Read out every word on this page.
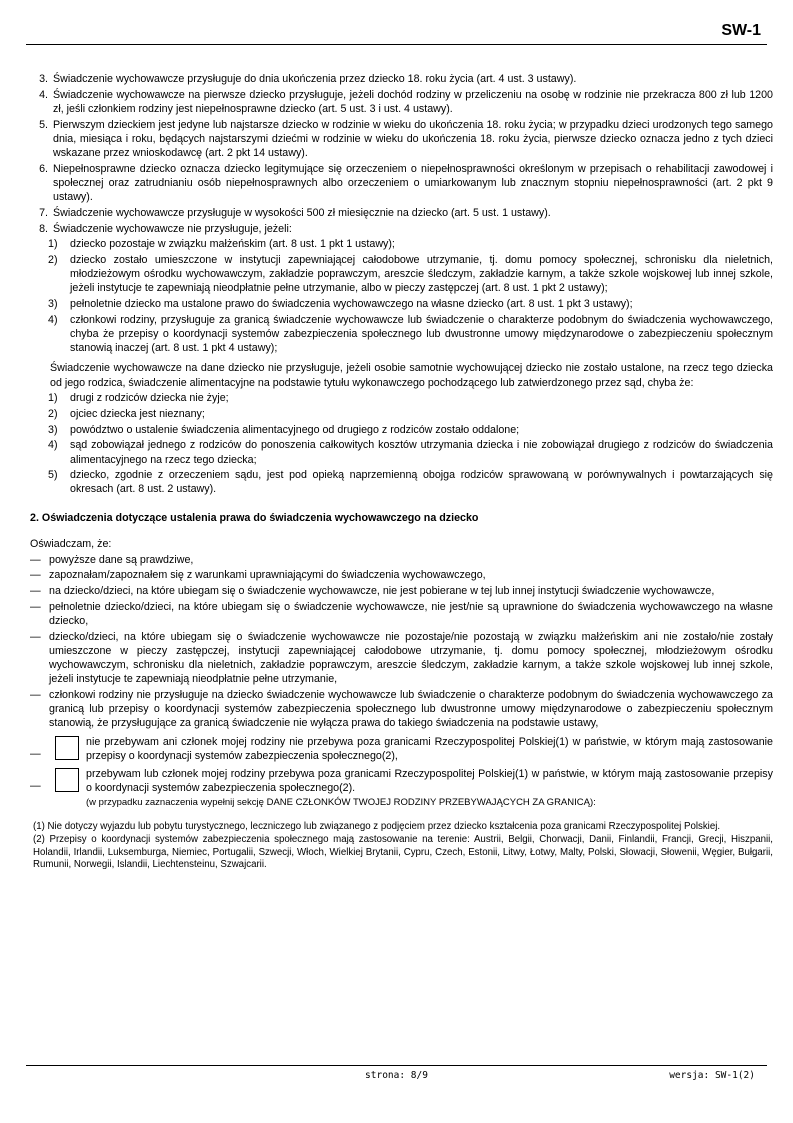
SW-1
3. Świadczenie wychowawcze przysługuje do dnia ukończenia przez dziecko 18. roku życia (art. 4 ust. 3 ustawy).
4. Świadczenie wychowawcze na pierwsze dziecko przysługuje, jeżeli dochód rodziny w przeliczeniu na osobę w rodzinie nie przekracza 800 zł lub 1200 zł, jeśli członkiem rodziny jest niepełnosprawne dziecko (art. 5 ust. 3 i ust. 4 ustawy).
5. Pierwszym dzieckiem jest jedyne lub najstarsze dziecko w rodzinie w wieku do ukończenia 18. roku życia; w przypadku dzieci urodzonych tego samego dnia, miesiąca i roku, będących najstarszymi dziećmi w rodzinie w wieku do ukończenia 18. roku życia, pierwsze dziecko oznacza jedno z tych dzieci wskazane przez wnioskodawcę (art. 2 pkt 14 ustawy).
6. Niepełnosprawne dziecko oznacza dziecko legitymujące się orzeczeniem o niepełnosprawności określonym w przepisach o rehabilitacji zawodowej i społecznej oraz zatrudnianiu osób niepełnosprawnych albo orzeczeniem o umiarkowanym lub znacznym stopniu niepełnosprawności (art. 2 pkt 9 ustawy).
7. Świadczenie wychowawcze przysługuje w wysokości 500 zł miesięcznie na dziecko (art. 5 ust. 1 ustawy).
8. Świadczenie wychowawcze nie przysługuje, jeżeli:
1)	dziecko pozostaje w związku małżeńskim (art. 8 ust. 1 pkt 1 ustawy);
2)	dziecko zostało umieszczone w instytucji zapewniającej całodobowe utrzymanie, tj. domu pomocy społecznej, schronisku dla nieletnich, młodzieżowym ośrodku wychowawczym, zakładzie poprawczym, areszcie śledczym, zakładzie karnym, a także szkole wojskowej lub innej szkole, jeżeli instytucje te zapewniają nieodpłatnie pełne utrzymanie, albo w pieczy zastępczej (art. 8 ust. 1 pkt 2 ustawy);
3)	pełnoletnie dziecko ma ustalone prawo do świadczenia wychowawczego na własne dziecko (art. 8 ust. 1 pkt 3 ustawy);
4)	członkowi rodziny, przysługuje za granicą świadczenie wychowawcze lub świadczenie o charakterze podobnym do świadczenia wychowawczego, chyba że przepisy o koordynacji systemów zabezpieczenia społecznego lub dwustronne umowy międzynarodowe o zabezpieczeniu społecznym stanowią inaczej (art. 8 ust. 1 pkt 4 ustawy);
Świadczenie wychowawcze na dane dziecko nie przysługuje, jeżeli osobie samotnie wychowującej dziecko nie zostało ustalone, na rzecz tego dziecka od jego rodzica, świadczenie alimentacyjne na podstawie tytułu wykonawczego pochodzącego lub zatwierdzonego przez sąd, chyba że:
1)	drugi z rodziców dziecka nie żyje;
2)	ojciec dziecka jest nieznany;
3)	powództwo o ustalenie świadczenia alimentacyjnego od drugiego z rodziców zostało oddalone;
4)	sąd zobowiązał jednego z rodziców do ponoszenia całkowitych kosztów utrzymania dziecka i nie zobowiązał drugiego z rodziców do świadczenia alimentacyjnego na rzecz tego dziecka;
5)	dziecko, zgodnie z orzeczeniem sądu, jest pod opieką naprzemienną obojga rodziców sprawowaną w porównywalnych i powtarzających się okresach (art. 8 ust. 2 ustawy).
2. Oświadczenia dotyczące ustalenia prawa do świadczenia wychowawczego na dziecko
Oświadczam, że:
— powyższe dane są prawdziwe,
— zapoznałam/zapoznałem się z warunkami uprawniającymi do świadczenia wychowawczego,
— na dziecko/dzieci, na które ubiegam się o świadczenie wychowawcze, nie jest pobierane w tej lub innej instytucji świadczenie wychowawcze,
— pełnoletnie dziecko/dzieci, na które ubiegam się o świadczenie wychowawcze, nie jest/nie są uprawnione do świadczenia wychowawczego na własne dziecko,
— dziecko/dzieci, na które ubiegam się o świadczenie wychowawcze nie pozostaje/nie pozostają w związku małżeńskim ani nie zostało/nie zostały umieszczone w pieczy zastępczej, instytucji zapewniającej całodobowe utrzymanie, tj. domu pomocy społecznej, młodzieżowym ośrodku wychowawczym, schronisku dla nieletnich, zakładzie poprawczym, areszcie śledczym, zakładzie karnym, a także szkole wojskowej lub innej szkole, jeżeli instytucje te zapewniają nieodpłatnie pełne utrzymanie,
— członkowi rodziny nie przysługuje na dziecko świadczenie wychowawcze lub świadczenie o charakterze podobnym do świadczenia wychowawczego za granicą lub przepisy o koordynacji systemów zabezpieczenia społecznego lub dwustronne umowy międzynarodowe o zabezpieczeniu społecznym stanowią, że przysługujące za granicą świadczenie nie wyłącza prawa do takiego świadczenia na podstawie ustawy,
—
nie przebywam ani członek mojej rodziny nie przebywa poza granicami Rzeczypospolitej Polskiej(1) w państwie, w którym mają zastosowanie przepisy o koordynacji systemów zabezpieczenia społecznego(2),
—
przebywam lub członek mojej rodziny przebywa poza granicami Rzeczypospolitej Polskiej(1) w państwie, w którym mają zastosowanie przepisy o koordynacji systemów zabezpieczenia społecznego(2).
(w przypadku zaznaczenia wypełnij sekcję DANE CZŁONKÓW TWOJEJ RODZINY PRZEBYWAJĄCYCH ZA GRANICĄ):
(1) Nie dotyczy wyjazdu lub pobytu turystycznego, leczniczego lub związanego z podjęciem przez dziecko kształcenia poza granicami Rzeczypospolitej Polskiej.
(2) Przepisy o koordynacji systemów zabezpieczenia społecznego mają zastosowanie na terenie: Austrii, Belgii, Chorwacji, Danii, Finlandii, Francji, Grecji, Hiszpanii, Holandii, Irlandii, Luksemburga, Niemiec, Portugalii, Szwecji, Włoch, Wielkiej Brytanii, Cypru, Czech, Estonii, Litwy, Łotwy, Malty, Polski, Słowacji, Słowenii, Węgier, Bułgarii, Rumunii, Norwegii, Islandii, Liechtensteinu, Szwajcarii.
strona: 8/9	wersja: SW-1(2)
